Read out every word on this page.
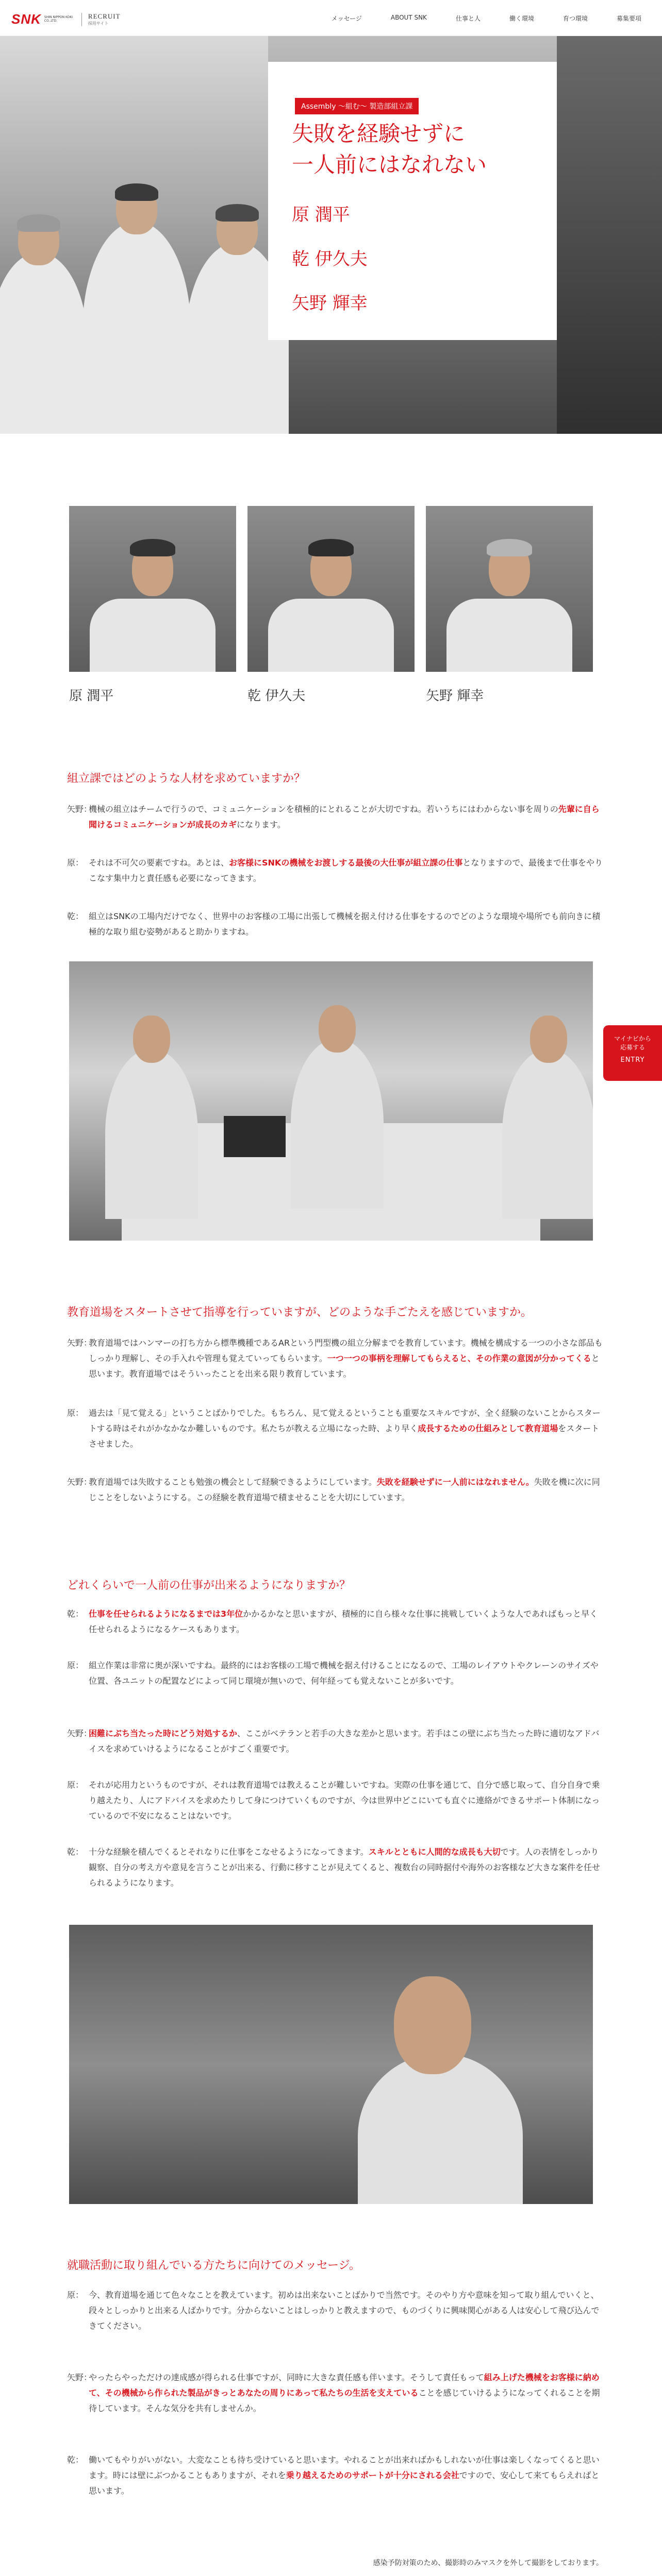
SNK SHIN NIPPON KOKI CO.,LTD.
RECRUIT
採用サイト
メッセージ	ABOUT SNK	仕事と人	働く環境	育つ環境	募集要項
Assembly 〜組む〜 製造部組立課
失敗を経験せずに
一人前にはなれない
原 潤平
乾 伊久夫
矢野 輝幸
原 潤平	乾 伊久夫	矢野 輝幸
組立課ではどのような人材を求めていますか？
矢野：
機械の組立はチームで行うので、コミュニケーションを積極的にとれることが大切ですね。若いうちにはわからない事を周りの先輩に自ら聞けるコミュニケーションが成長のカギになります。
原： それは不可欠の要素ですね。あとは、お客様にSNKの機械をお渡しする最後の大仕事が組立課の仕事となりますので、最後まで仕事をやりこなす集中力と責任感も必要になってきます。
乾： 組立はSNKの工場内だけでなく、世界中のお客様の工場に出張して機械を据え付ける仕事をするのでどのような環境や場所でも前向きに積極的な取り組む姿勢があると助かりますね。
マイナビから
応募する
ENTRY
教育道場をスタートさせて指導を行っていますが、どのような手ごたえを感じていますか。
矢野：
教育道場ではハンマーの打ち方から標準機種であるARという門型機の組立分解までを教育しています。機械を構成する一つの小さな部品もしっかり理解し、その手入れや管理も覚えていってもらいます。一つ一つの事柄を理解してもらえると、その作業の意図が分かってくると思います。教育道場ではそういったことを出来る限り教育しています。
原： 過去は「見て覚える」ということばかりでした。もちろん、見て覚えるということも重要なスキルですが、全く経験のないことからスタートする時はそれがかなかなか難しいものです。私たちが教える立場になった時、より早く成長するための仕組みとして教育道場をスタートさせました。
矢野：
教育道場では失敗することも勉強の機会として経験できるようにしています。失敗を経験せずに一人前にはなれません。失敗を機に次に同じことをしないようにする。この経験を教育道場で積ませることを大切にしています。
どれくらいで一人前の仕事が出来るようになりますか？
乾： 仕事を任せられるようになるまでは3年位かかるかなと思いますが、積極的に自ら様々な仕事に挑戦していくような人であればもっと早く任せられるようになるケースもあります。
原： 組立作業は非常に奥が深いですね。最終的にはお客様の工場で機械を据え付けることになるので、工場のレイアウトやクレーンのサイズや位置、各ユニットの配置などによって同じ環境が無いので、何年経っても覚えないことが多いです。
矢野：
困難にぶち当たった時にどう対処するか、ここがベテランと若手の大きな差かと思います。若手はこの壁にぶち当たった時に適切なアドバイスを求めていけるようになることがすごく重要です。
原： それが応用力というものですが、それは教育道場では教えることが難しいですね。実際の仕事を通じて、自分で感じ取って、自分自身で乗り越えたり、人にアドバイスを求めたりして身につけていくものですが、今は世界中どこにいても直ぐに連絡ができるサポート体制になっているので不安になることはないです。
乾： 十分な経験を積んでくるとそれなりに仕事をこなせるようになってきます。スキルとともに人間的な成長も大切です。人の表情をしっかり観察、自分の考え方や意見を言うことが出来る、行動に移すことが見えてくると、複数台の同時据付や海外のお客様など大きな案件を任せられるようになります。
就職活動に取り組んでいる方たちに向けてのメッセージ。
原： 今、教育道場を通じて色々なことを教えています。初めは出来ないことばかりで当然です。そのやり方や意味を知って取り組んでいくと、段々としっかりと出来る人ばかりです。分からないことはしっかりと教えますので、ものづくりに興味関心がある人は安心して飛び込んできてください。
矢野：
やったらやっただけの達成感が得られる仕事ですが、同時に大きな責任感も伴います。そうして責任もって組み上げた機械をお客様に納めて、その機械から作られた製品がきっとあなたの周りにあって私たちの生活を支えていることを感じていけるようになってくれることを期待しています。そんな気分を共有しませんか。
乾： 働いてもやりがいがない。大変なことも待ち受けていると思います。やれることが出来ればかもしれないが仕事は楽しくなってくると思います。時には壁にぶつかることもありますが、それを乗り越えるためのサポートが十分にされる会社ですので、安心して来てもらえればと思います。
感染予防対策のため、撮影時のみマスクを外して撮影をしております。
